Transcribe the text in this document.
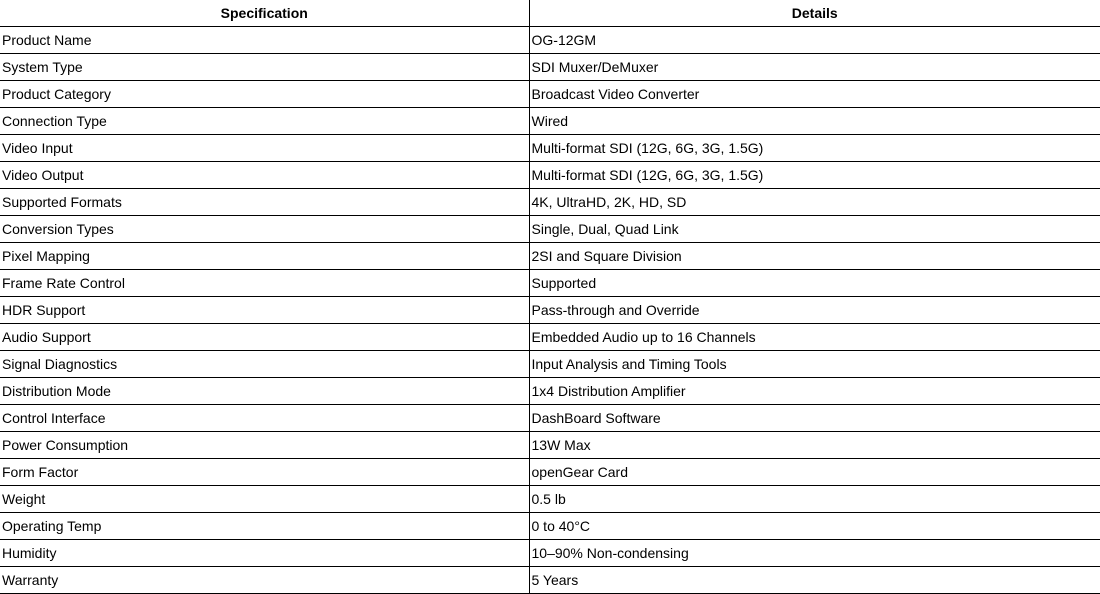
Specification	Details
Product Name	OG-12GM
System Type	SDI Muxer/DeMuxer
Product Category	Broadcast Video Converter
Connection Type	Wired
Video Input	Multi-format SDI (12G, 6G, 3G, 1.5G)
Video Output	Multi-format SDI (12G, 6G, 3G, 1.5G)
Supported Formats	4K, UltraHD, 2K, HD, SD
Conversion Types	Single, Dual, Quad Link
Pixel Mapping	2SI and Square Division
Frame Rate Control	Supported
HDR Support	Pass-through and Override
Audio Support	Embedded Audio up to 16 Channels
Signal Diagnostics	Input Analysis and Timing Tools
Distribution Mode	1x4 Distribution Amplifier
Control Interface	DashBoard Software
Power Consumption	13W Max
Form Factor	openGear Card
Weight	0.5 lb
Operating Temp	0 to 40°C
Humidity	10–90% Non-condensing
Warranty	5 Years
